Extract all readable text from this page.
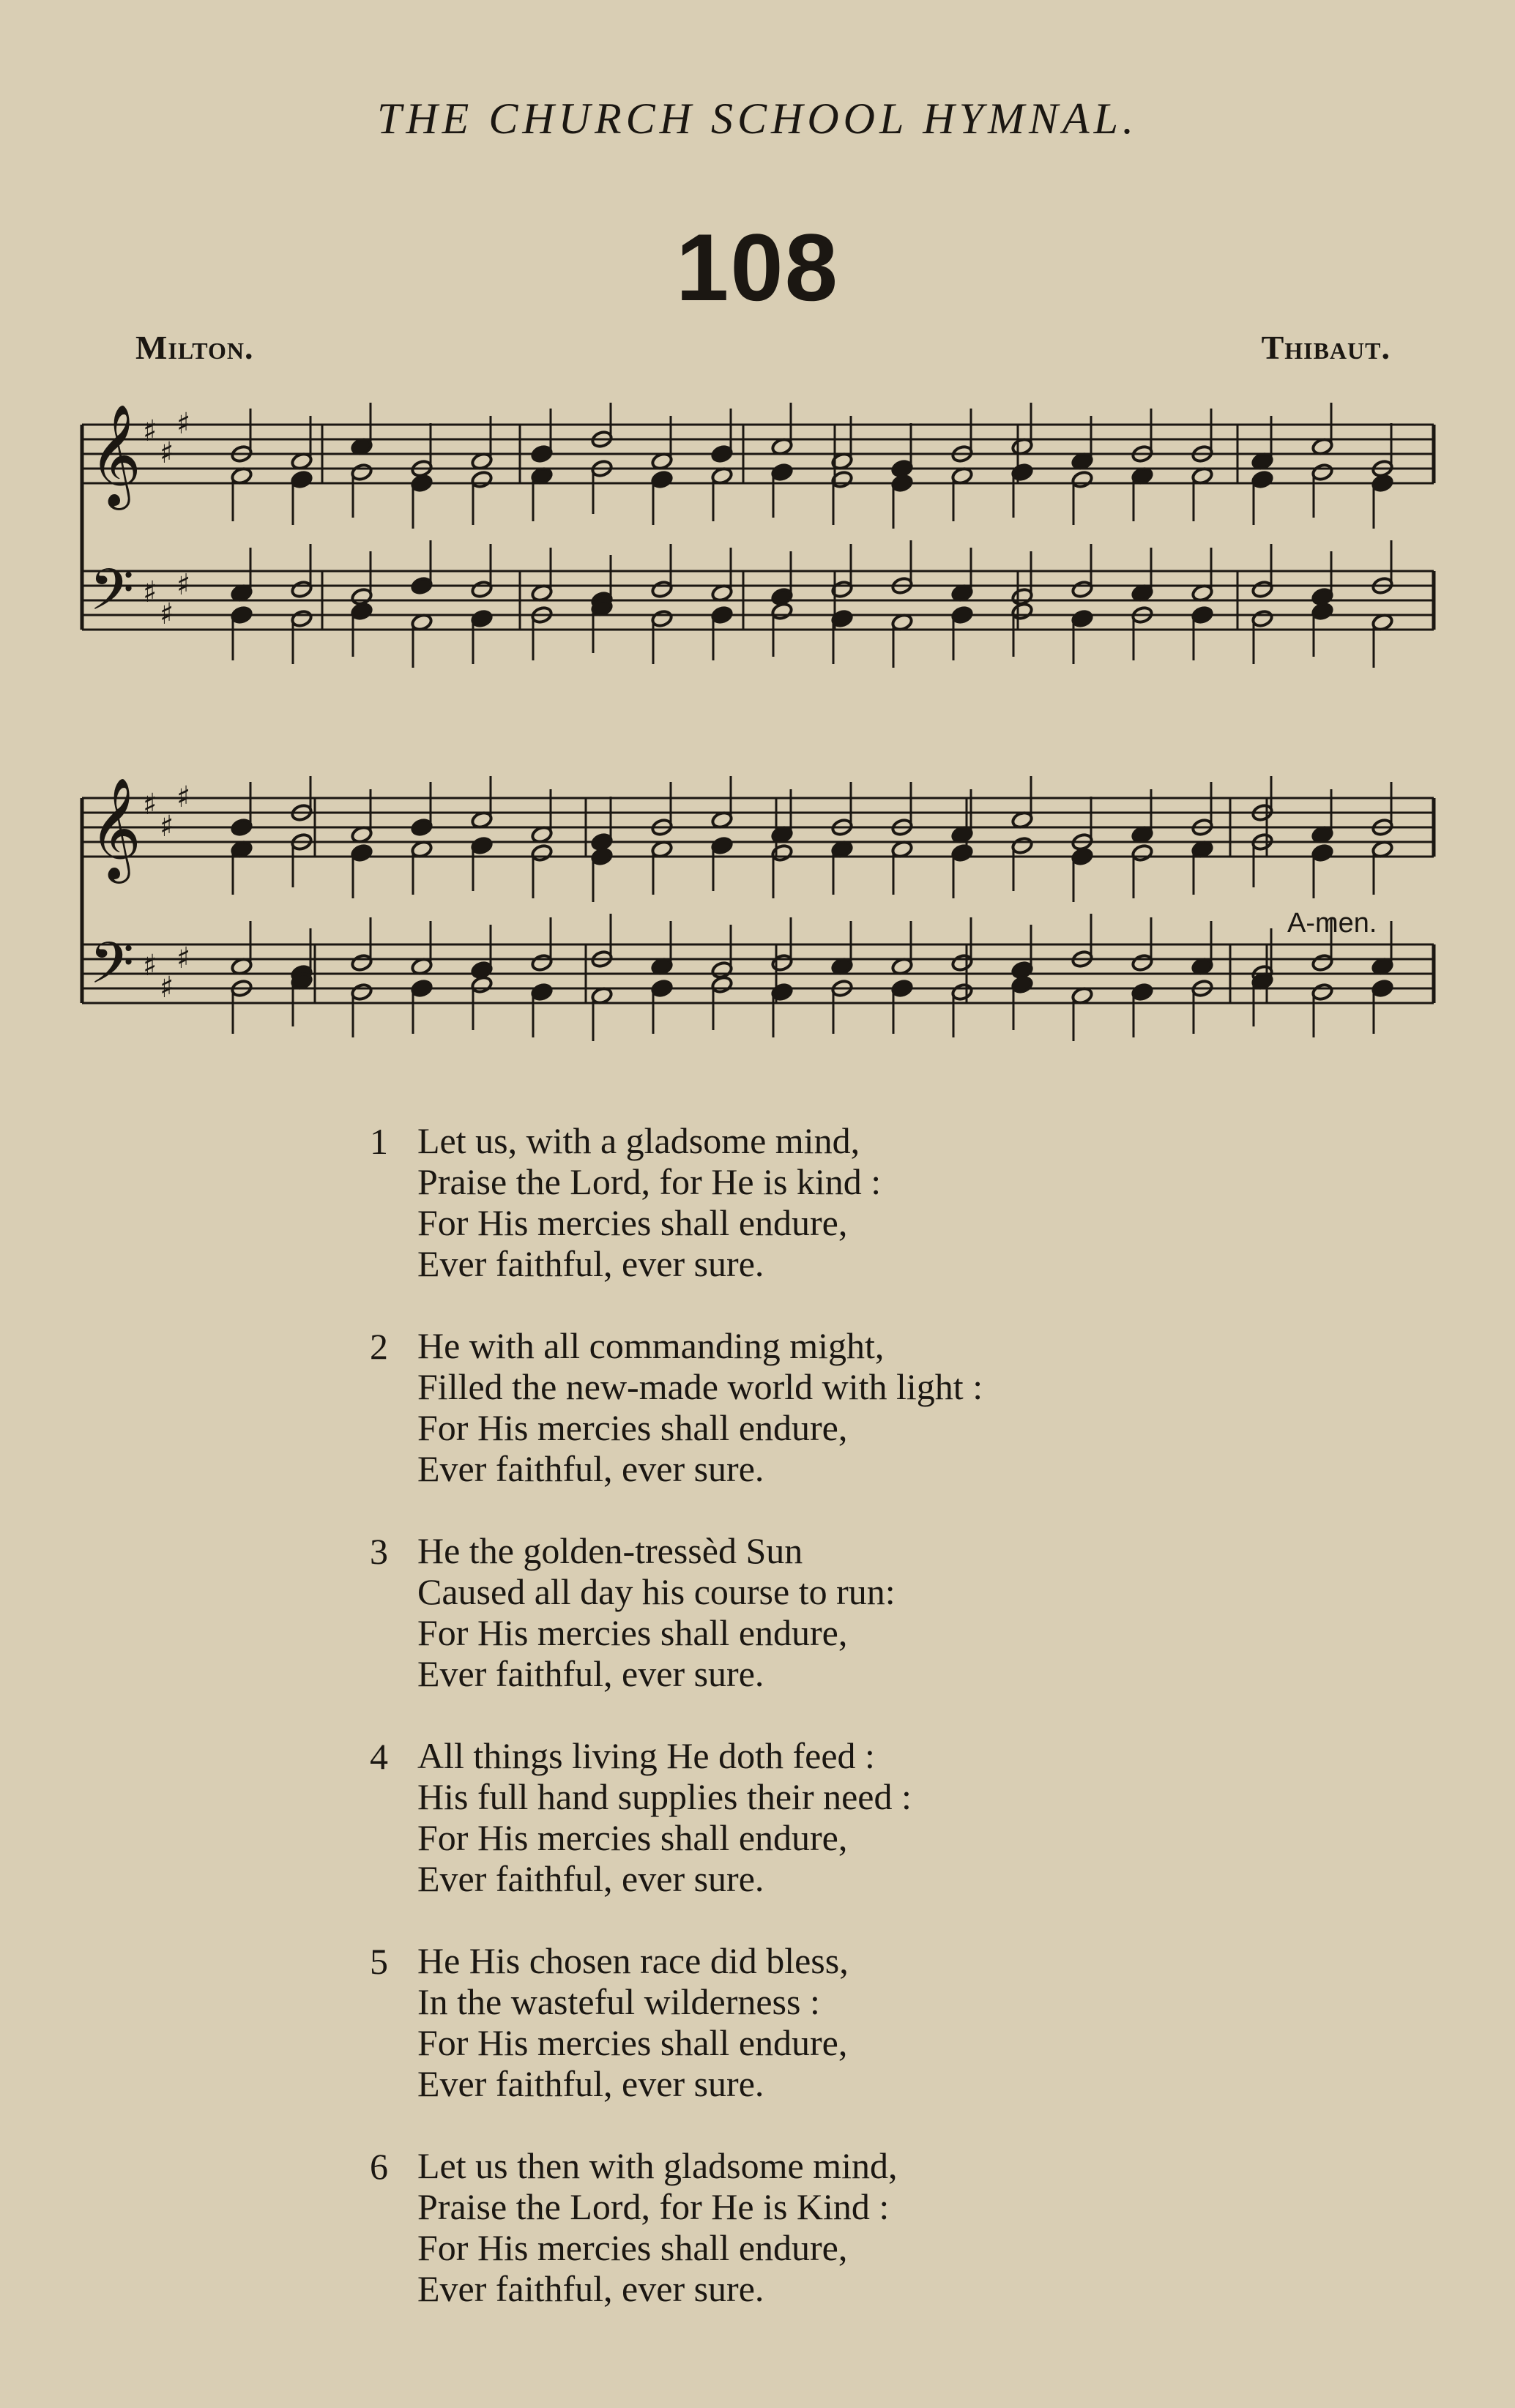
THE CHURCH SCHOOL HYMNAL.
108
Milton.	Thibaut.
𝄞
𝄢
♯
♯
♯
♯
♯
♯
𝄞
𝄢
♯
♯
♯
♯
♯
♯
A-men.
1 Let us, with a gladsome mind,
Praise the Lord, for He is kind :
For His mercies shall endure,
Ever faithful, ever sure.
2 He with all commanding might,
Filled the new-made world with light :
For His mercies shall endure,
Ever faithful, ever sure.
3 He the golden-tressèd Sun
Caused all day his course to run:
For His mercies shall endure,
Ever faithful, ever sure.
4 All things living He doth feed :
His full hand supplies their need :
For His mercies shall endure,
Ever faithful, ever sure.
5 He His chosen race did bless,
In the wasteful wilderness :
For His mercies shall endure,
Ever faithful, ever sure.
6 Let us then with gladsome mind,
Praise the Lord, for He is Kind :
For His mercies shall endure,
Ever faithful, ever sure.
